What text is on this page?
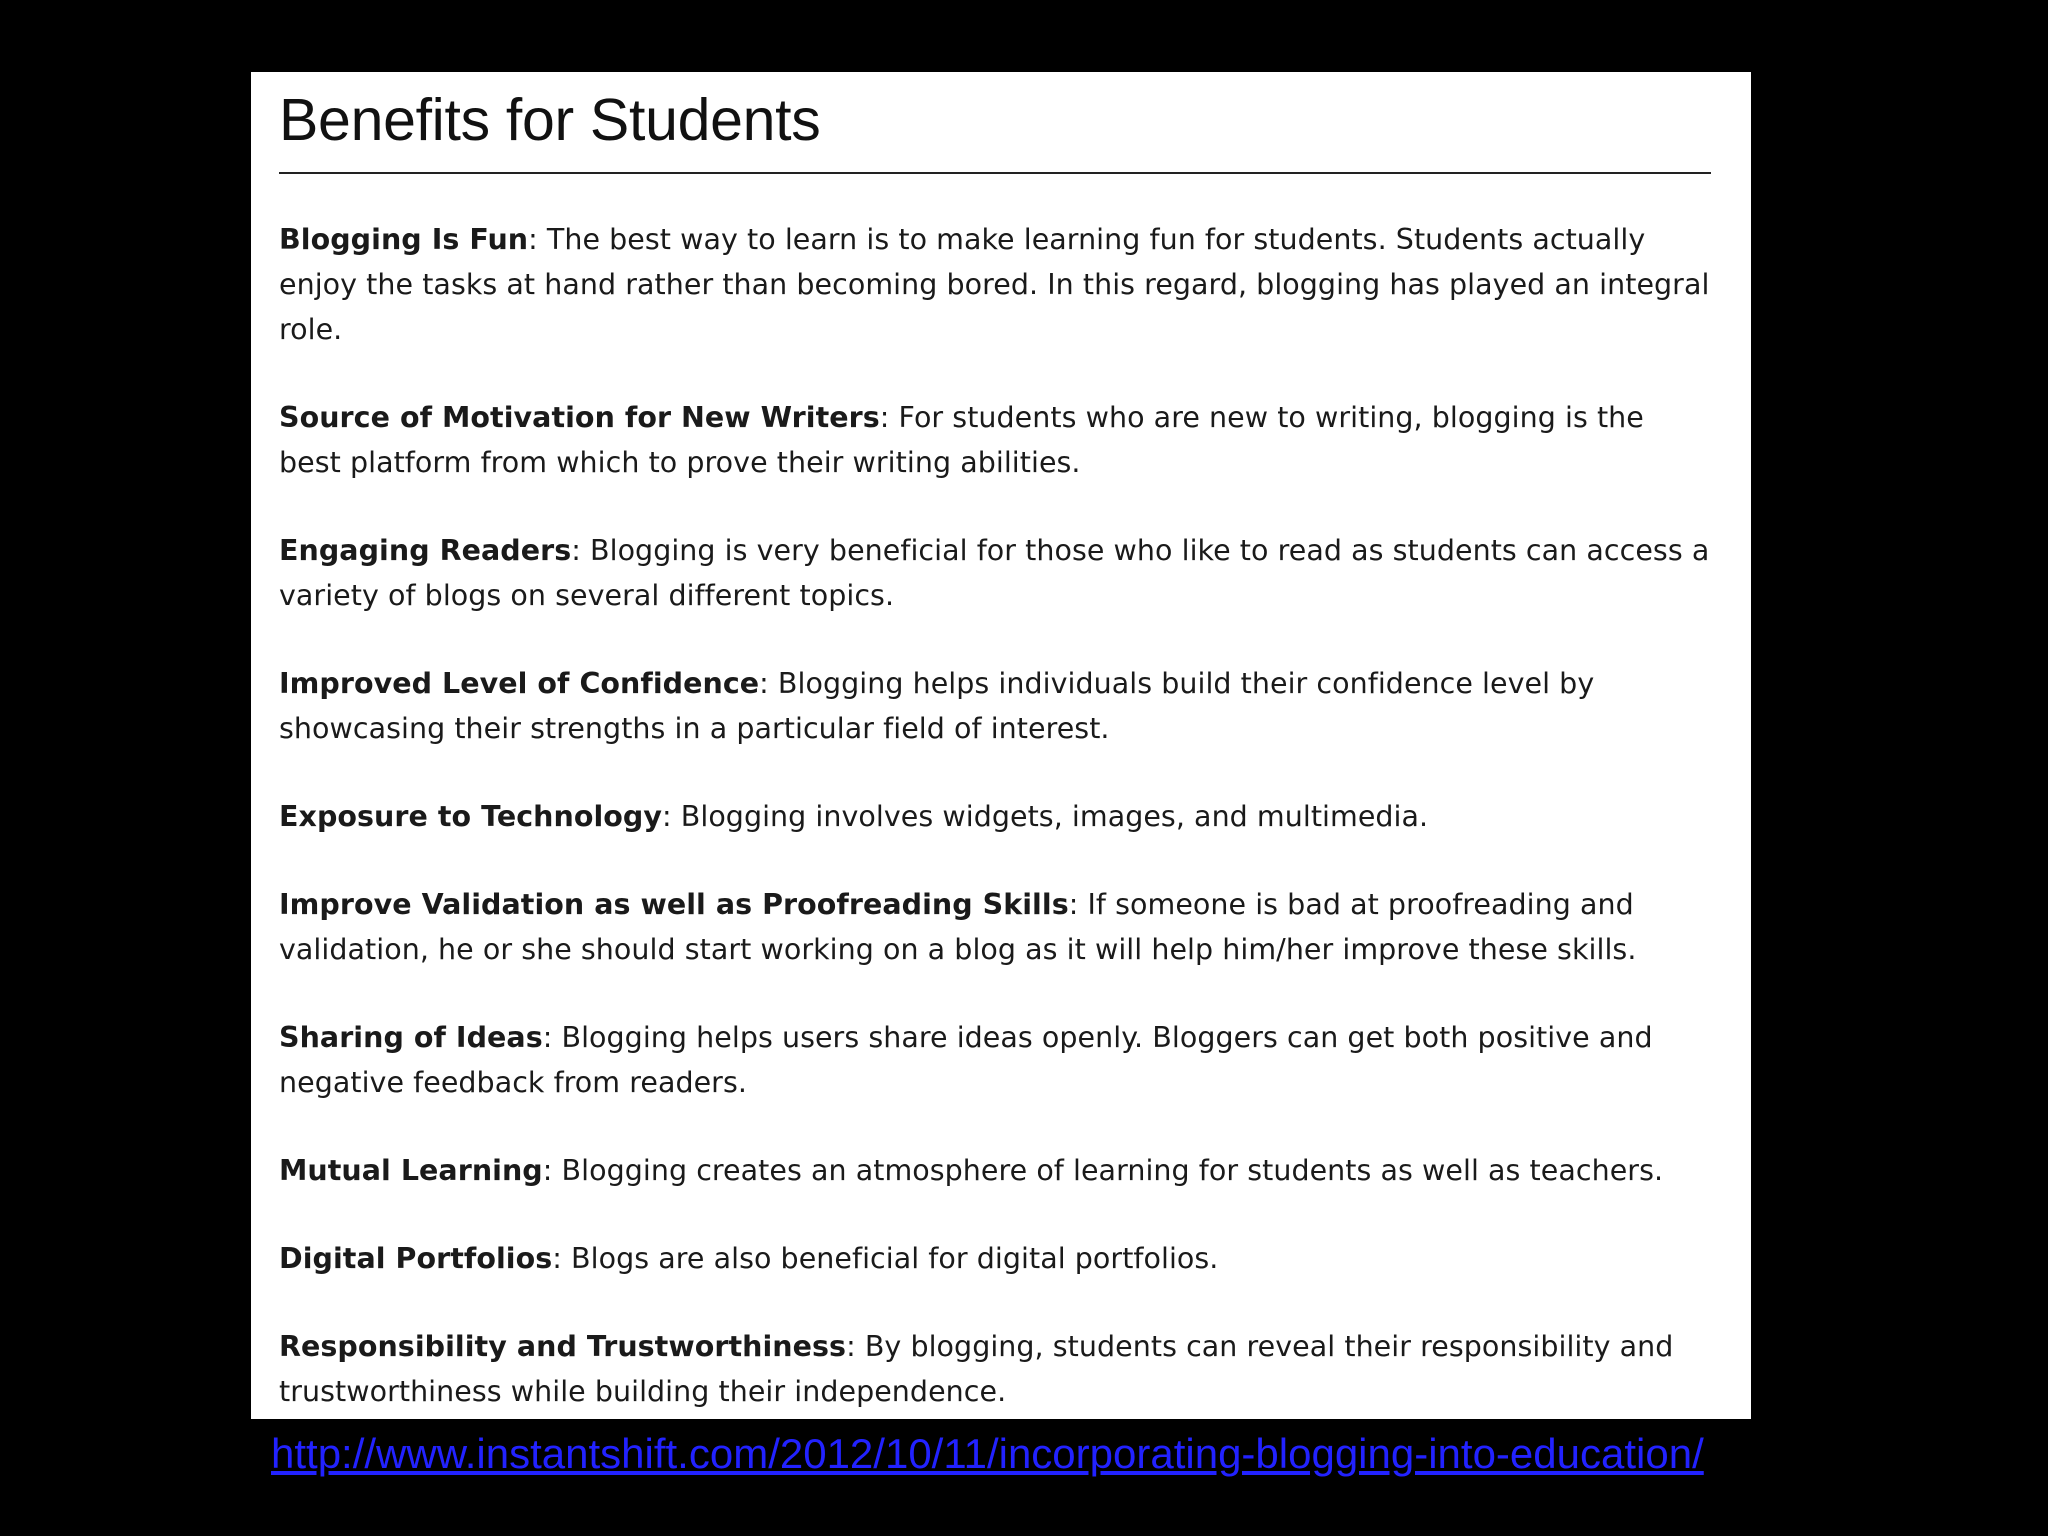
Benefits for Students

Blogging Is Fun: The best way to learn is to make learning fun for students. Students actually enjoy the tasks at hand rather than becoming bored. In this regard, blogging has played an integral role.

Source of Motivation for New Writers: For students who are new to writing, blogging is the best platform from which to prove their writing abilities.

Engaging Readers: Blogging is very beneficial for those who like to read as students can access a variety of blogs on several different topics.

Improved Level of Confidence: Blogging helps individuals build their confidence level by showcasing their strengths in a particular field of interest.

Exposure to Technology: Blogging involves widgets, images, and multimedia.

Improve Validation as well as Proofreading Skills: If someone is bad at proofreading and validation, he or she should start working on a blog as it will help him/her improve these skills.

Sharing of Ideas: Blogging helps users share ideas openly. Bloggers can get both positive and negative feedback from readers.

Mutual Learning: Blogging creates an atmosphere of learning for students as well as teachers.

Digital Portfolios: Blogs are also beneficial for digital portfolios.

Responsibility and Trustworthiness: By blogging, students can reveal their responsibility and trustworthiness while building their independence.

http://www.instantshift.com/2012/10/11/incorporating-blogging-into-education/
